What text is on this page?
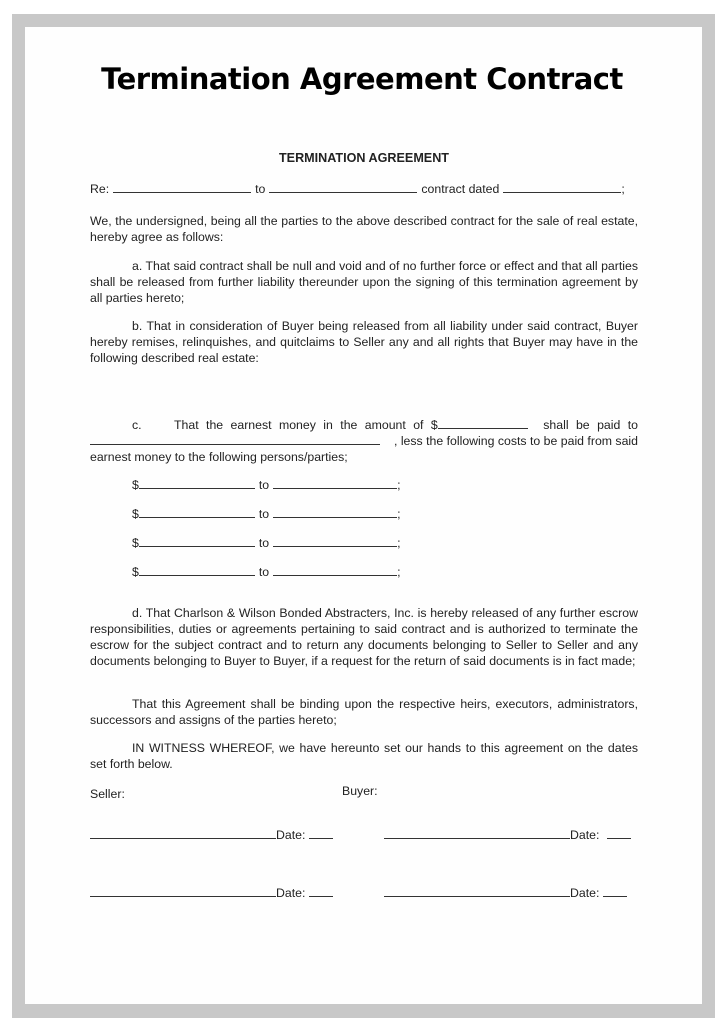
Termination Agreement Contract
TERMINATION AGREEMENT
Re:	to	contract dated	;

We, the undersigned, being all the parties to the above described contract for the sale of real estate, hereby agree as follows:

a. That said contract shall be null and void and of no further force or effect and that all parties shall be released from further liability thereunder upon the signing of this termination agreement by all parties hereto;

b. That in consideration of Buyer being released from all liability under said contract, Buyer hereby remises, relinquishes, and quitclaims to Seller any and all rights that Buyer may have in the following described real estate:

c.	That the earnest money in the amount of $	shall be paid to
, less the following costs to be paid from said
earnest money to the following persons/parties;
$	to	;
$	to	;
$	to	;
$	to	;

d. That Charlson & Wilson Bonded Abstracters, Inc. is hereby released of any further escrow responsibilities, duties or agreements pertaining to said contract and is authorized to terminate the escrow for the subject contract and to return any documents belonging to Seller to Seller and any documents belonging to Buyer to Buyer, if a request for the return of said documents is in fact made;

That this Agreement shall be binding upon the respective heirs, executors, administrators, successors and assigns of the parties hereto;

IN WITNESS WHEREOF, we have hereunto set our hands to this agreement on the dates set forth below.

Seller:	Buyer:
Date:	Date:
Date:	Date:
